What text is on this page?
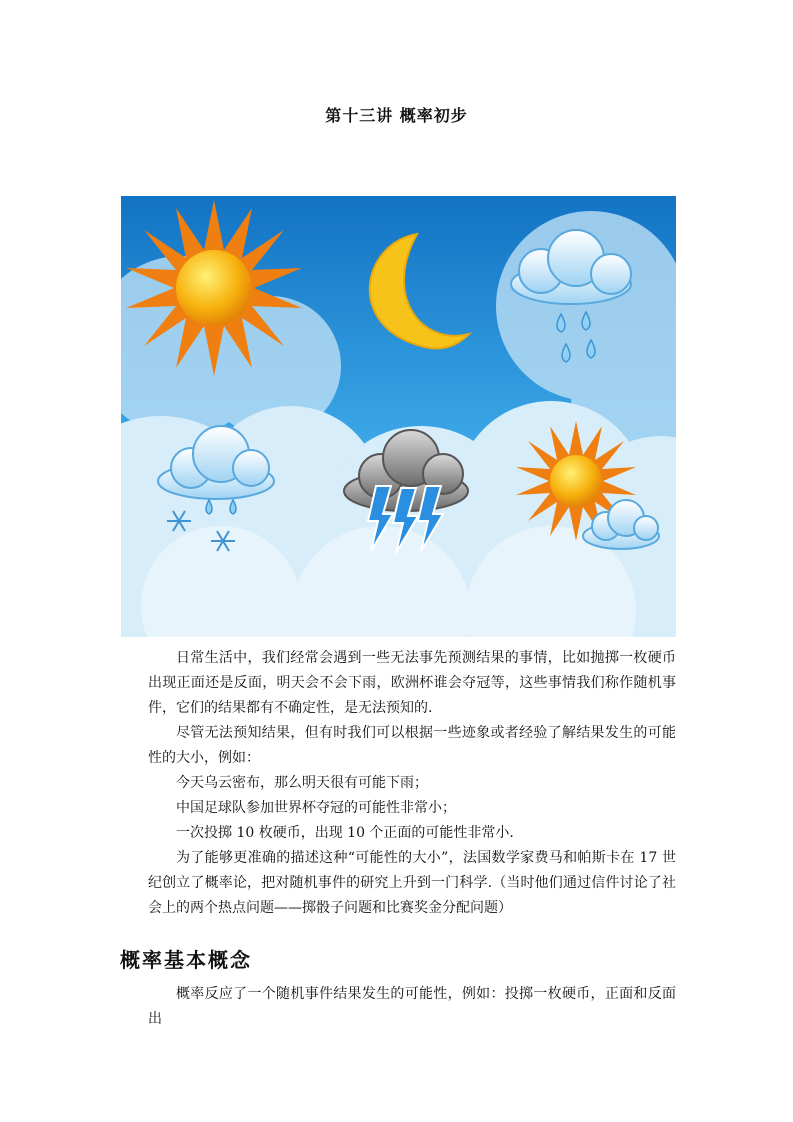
第十三讲 概率初步

日常生活中，我们经常会遇到一些无法事先预测结果的事情，比如抛掷一枚硬币出现正面还是反面，明天会不会下雨，欧洲杯谁会夺冠等，这些事情我们称作随机事件，它们的结果都有不确定性，是无法预知的.

尽管无法预知结果，但有时我们可以根据一些迹象或者经验了解结果发生的可能性的大小，例如：

今天乌云密布，那么明天很有可能下雨；

中国足球队参加世界杯夺冠的可能性非常小；

一次投掷 10 枚硬币，出现 10 个正面的可能性非常小.

为了能够更准确的描述这种“可能性的大小”，法国数学家费马和帕斯卡在 17 世纪创立了概率论，把对随机事件的研究上升到一门科学.（当时他们通过信件讨论了社会上的两个热点问题——掷骰子问题和比赛奖金分配问题）

概率基本概念

概率反应了一个随机事件结果发生的可能性，例如：投掷一枚硬币，正面和反面出
